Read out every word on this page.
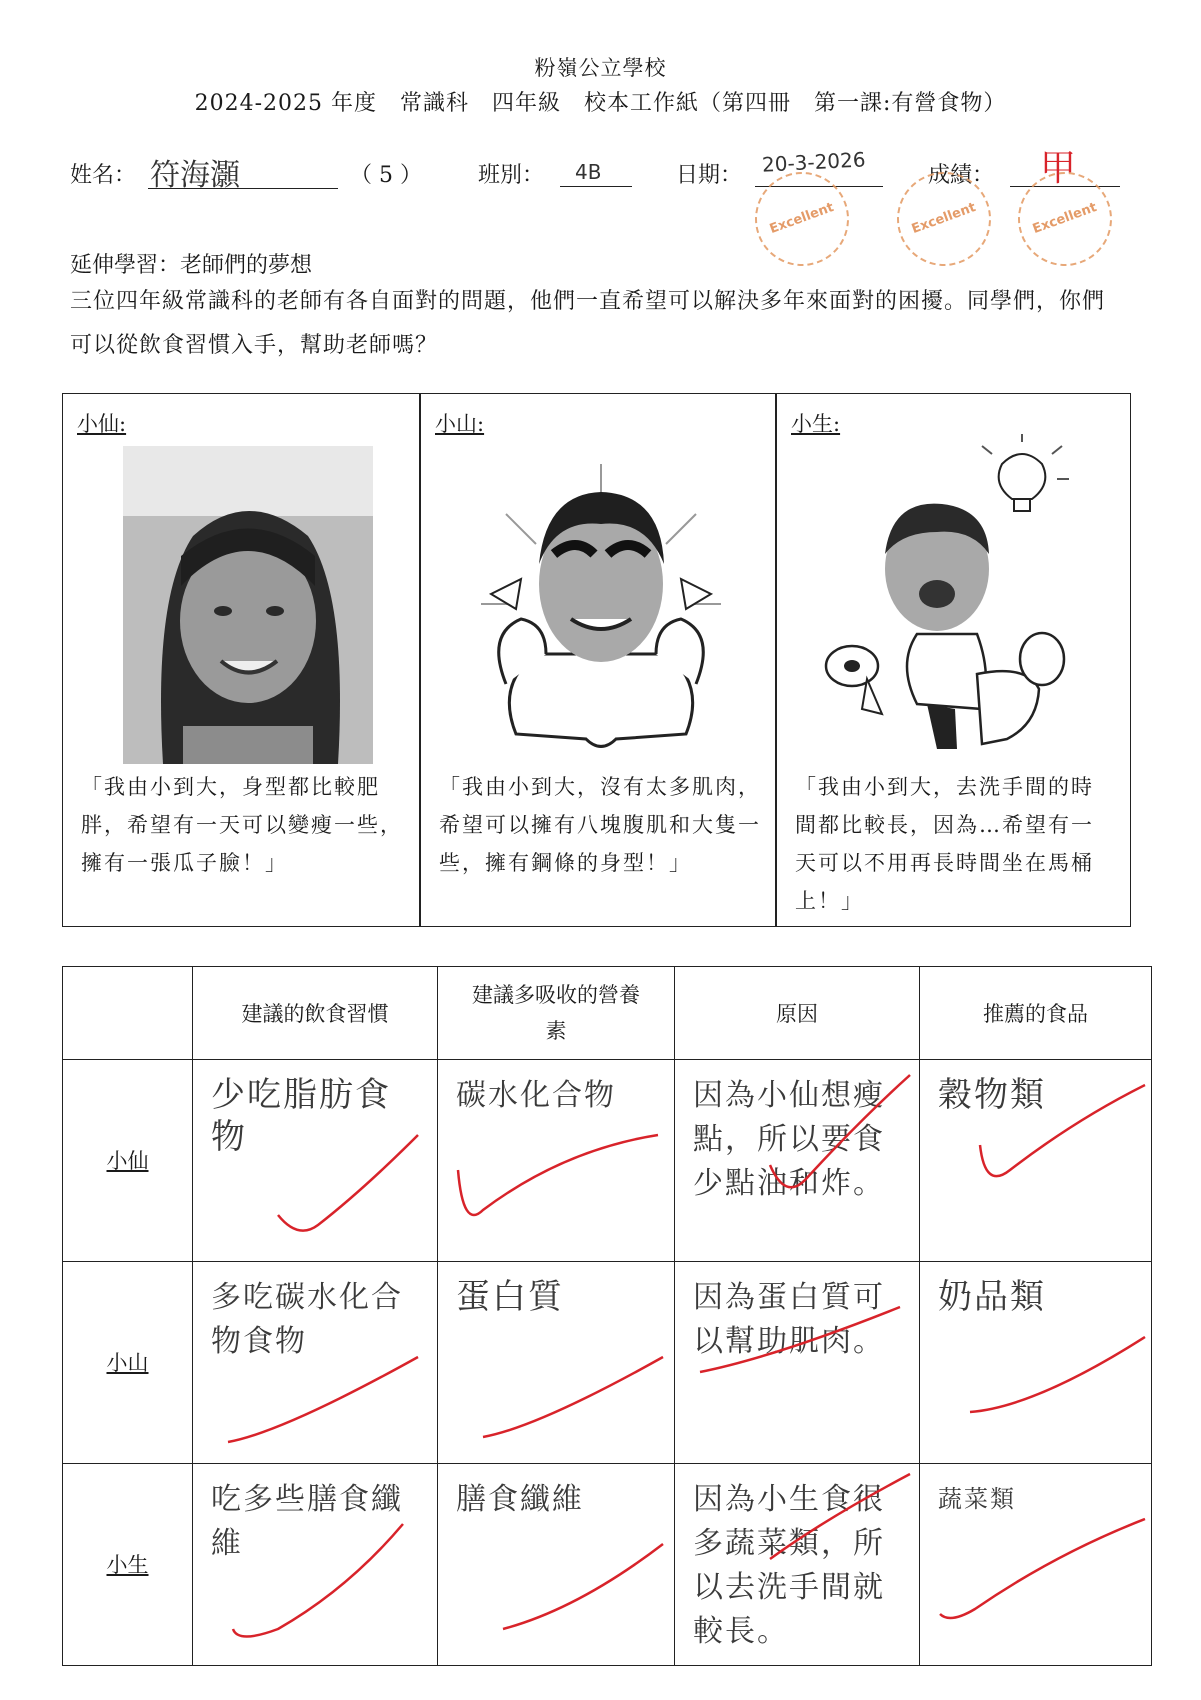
粉嶺公立學校
2024-2025 年度　常識科　四年級　校本工作紙（第四冊　第一課:有營食物）
姓名： 符海灝	（ 5 ）	班別： 4B	日期： 20-3-2026	成績： 甲
Excellent	Excellent	Excellent
延伸學習：老師們的夢想
三位四年級常識科的老師有各自面對的問題，他們一直希望可以解決多年來面對的困擾。同學們，你們可以從飲食習慣入手，幫助老師嗎？
小仙:
「我由小到大，身型都比較肥胖，希望有一天可以變瘦一些，擁有一張瓜子臉！」
小山:
「我由小到大，沒有太多肌肉，希望可以擁有八塊腹肌和大隻一些，擁有鋼條的身型！」
小生:
「我由小到大，去洗手間的時間都比較長，因為…希望有一天可以不用再長時間坐在馬桶上！」
	建議的飲食習慣	建議多吸收的營養素	原因	推薦的食品
小仙	少吃脂肪食物	碳水化合物	因為小仙想瘦點，所以要食少點油和炸。	穀物類

小山	多吃碳水化合物食物	蛋白質	因為蛋白質可以幫助肌肉。	奶品類

小生	吃多些膳食纖維	膳食纖維	因為小生食很多蔬菜類，所以去洗手間就較長。	蔬菜類
